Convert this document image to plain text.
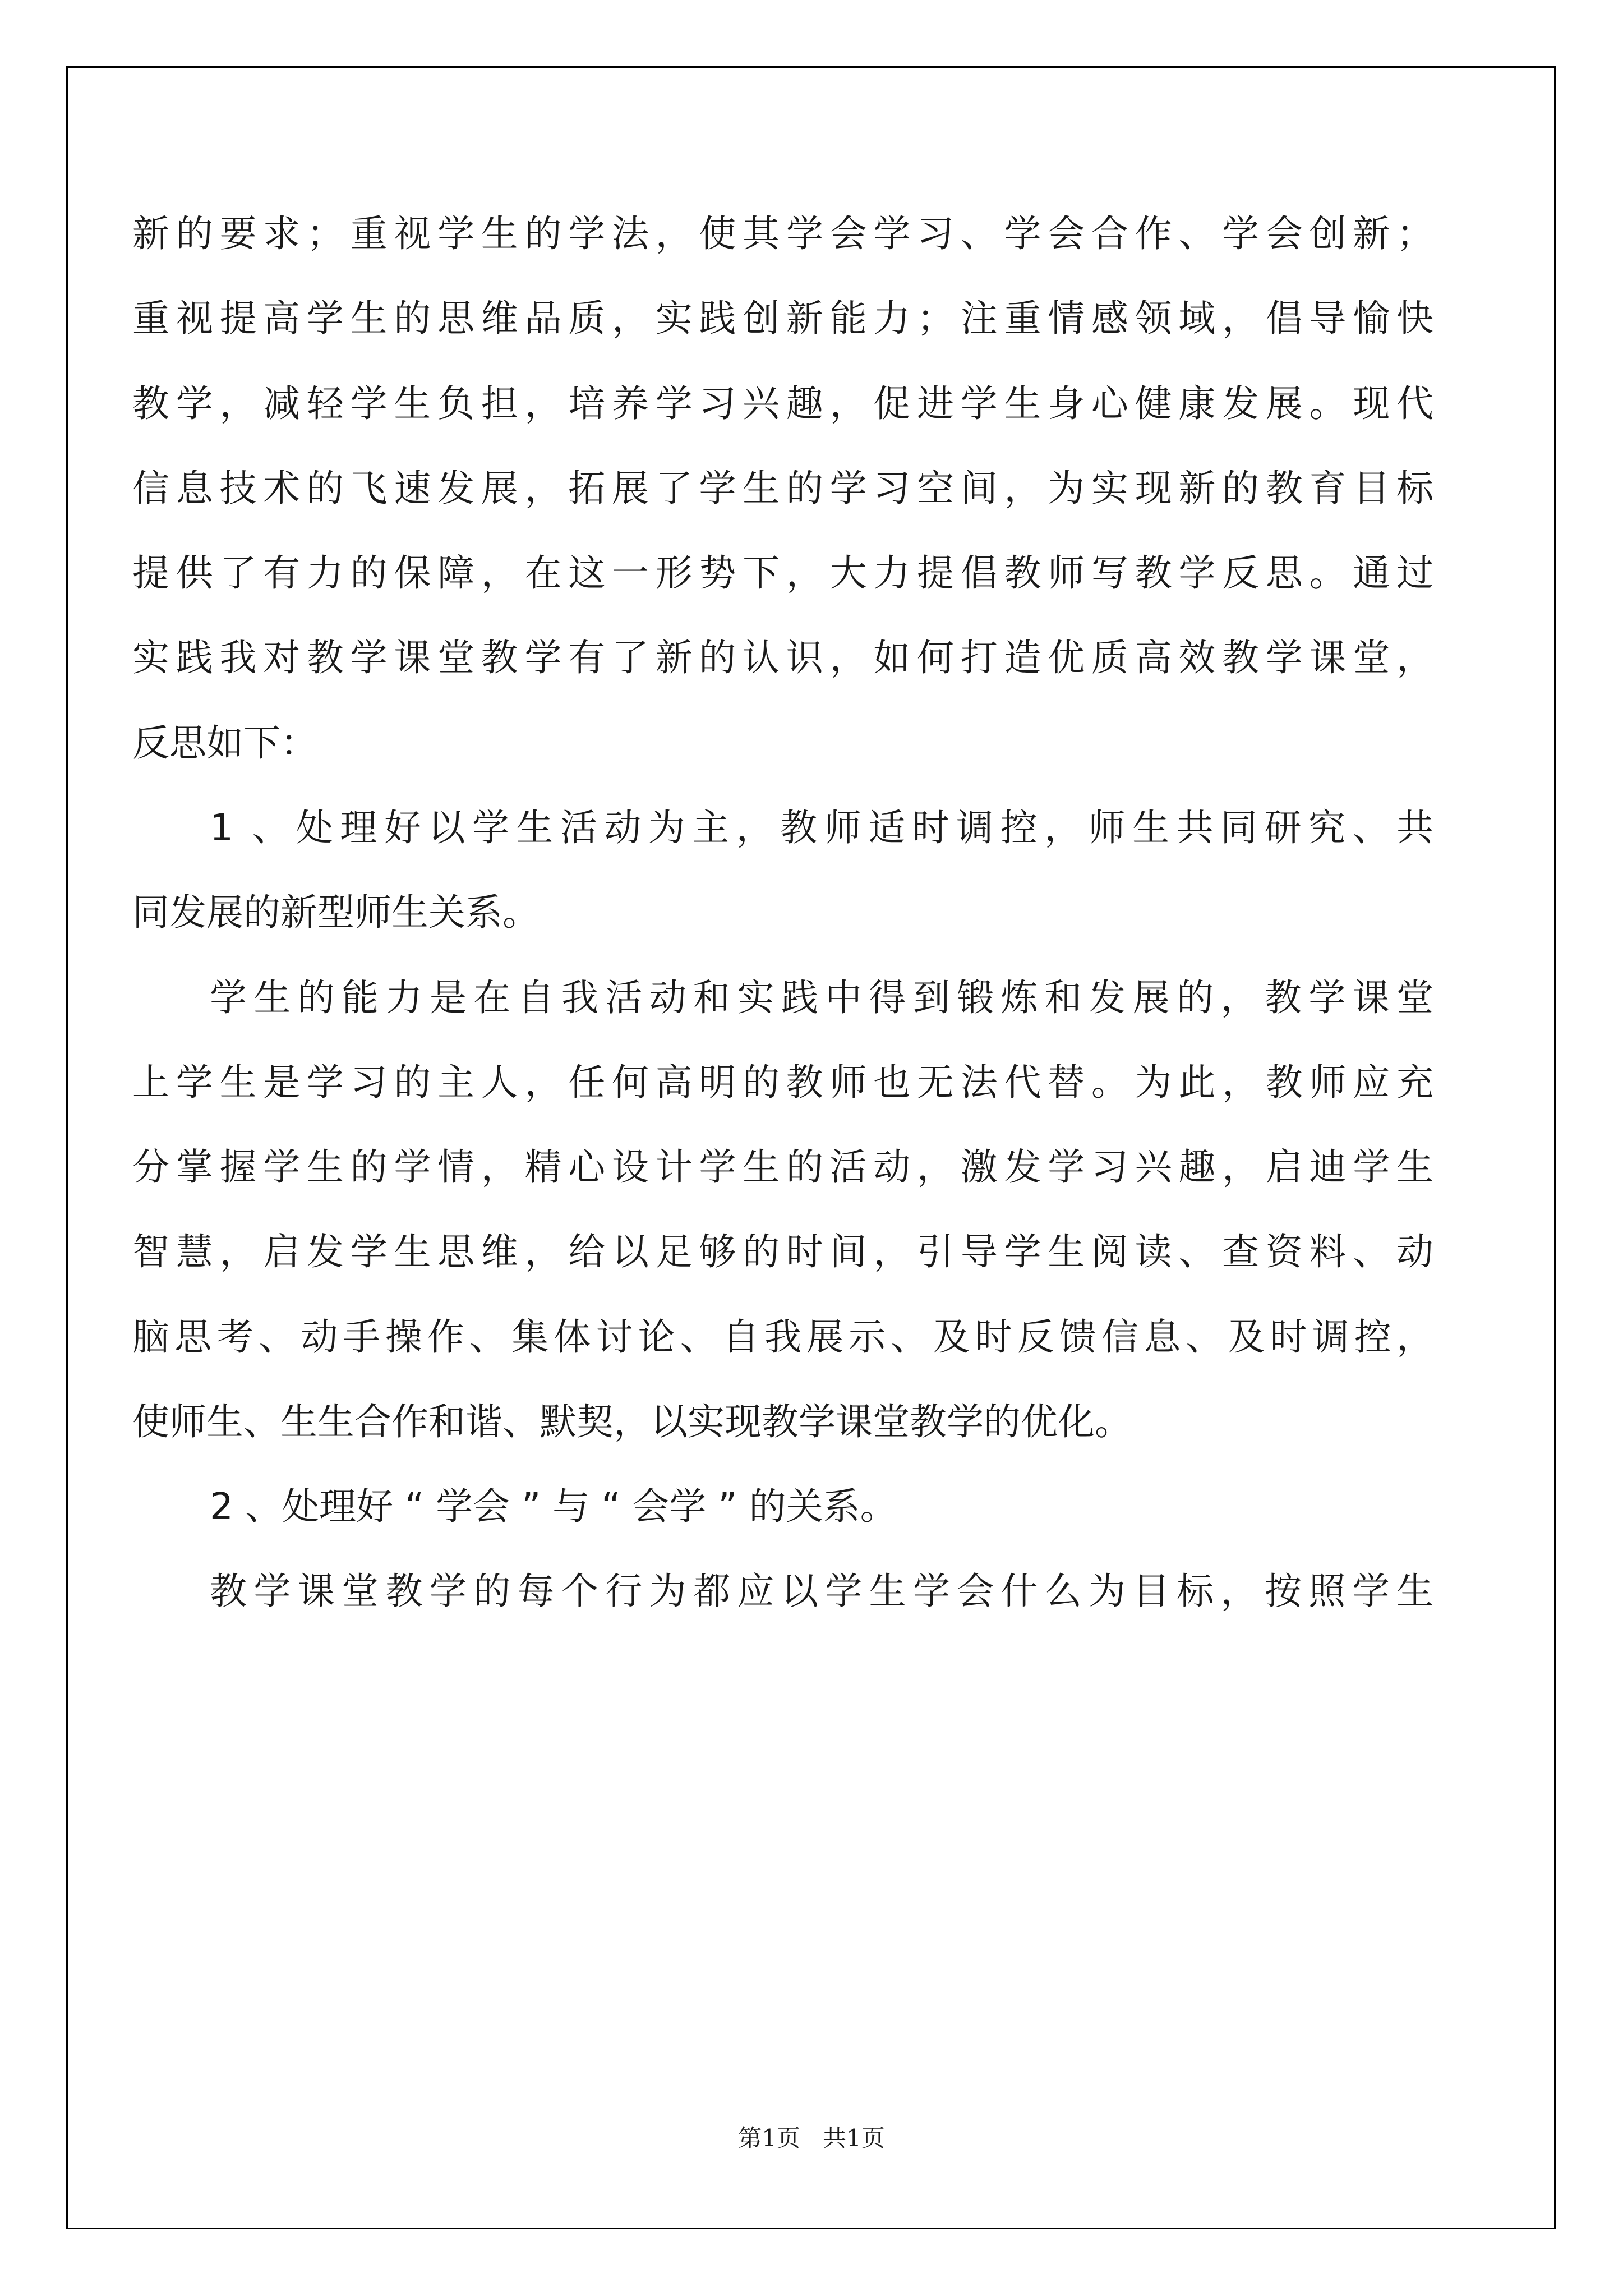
新的要求；重视学生的学法，使其学会学习、学会合作、学会创新；
重视提高学生的思维品质，实践创新能力；注重情感领域，倡导愉快
教学，减轻学生负担，培养学习兴趣，促进学生身心健康发展。现代
信息技术的飞速发展，拓展了学生的学习空间，为实现新的教育目标
提供了有力的保障，在这一形势下，大力提倡教师写教学反思。通过
实践我对教学课堂教学有了新的认识，如何打造优质高效教学课堂，
反思如下：
1 、处理好以学生活动为主，教师适时调控，师生共同研究、共
同发展的新型师生关系。
学生的能力是在自我活动和实践中得到锻炼和发展的，教学课堂
上学生是学习的主人，任何高明的教师也无法代替。为此，教师应充
分掌握学生的学情，精心设计学生的活动，激发学习兴趣，启迪学生
智慧，启发学生思维，给以足够的时间，引导学生阅读、查资料、动
脑思考、动手操作、集体讨论、自我展示、及时反馈信息、及时调控，
使师生、生生合作和谐、默契，以实现教学课堂教学的优化。
2 、处理好 “ 学会 ” 与 “ 会学 ” 的关系。
教学课堂教学的每个行为都应以学生学会什么为目标，按照学生
第1页 共1页
